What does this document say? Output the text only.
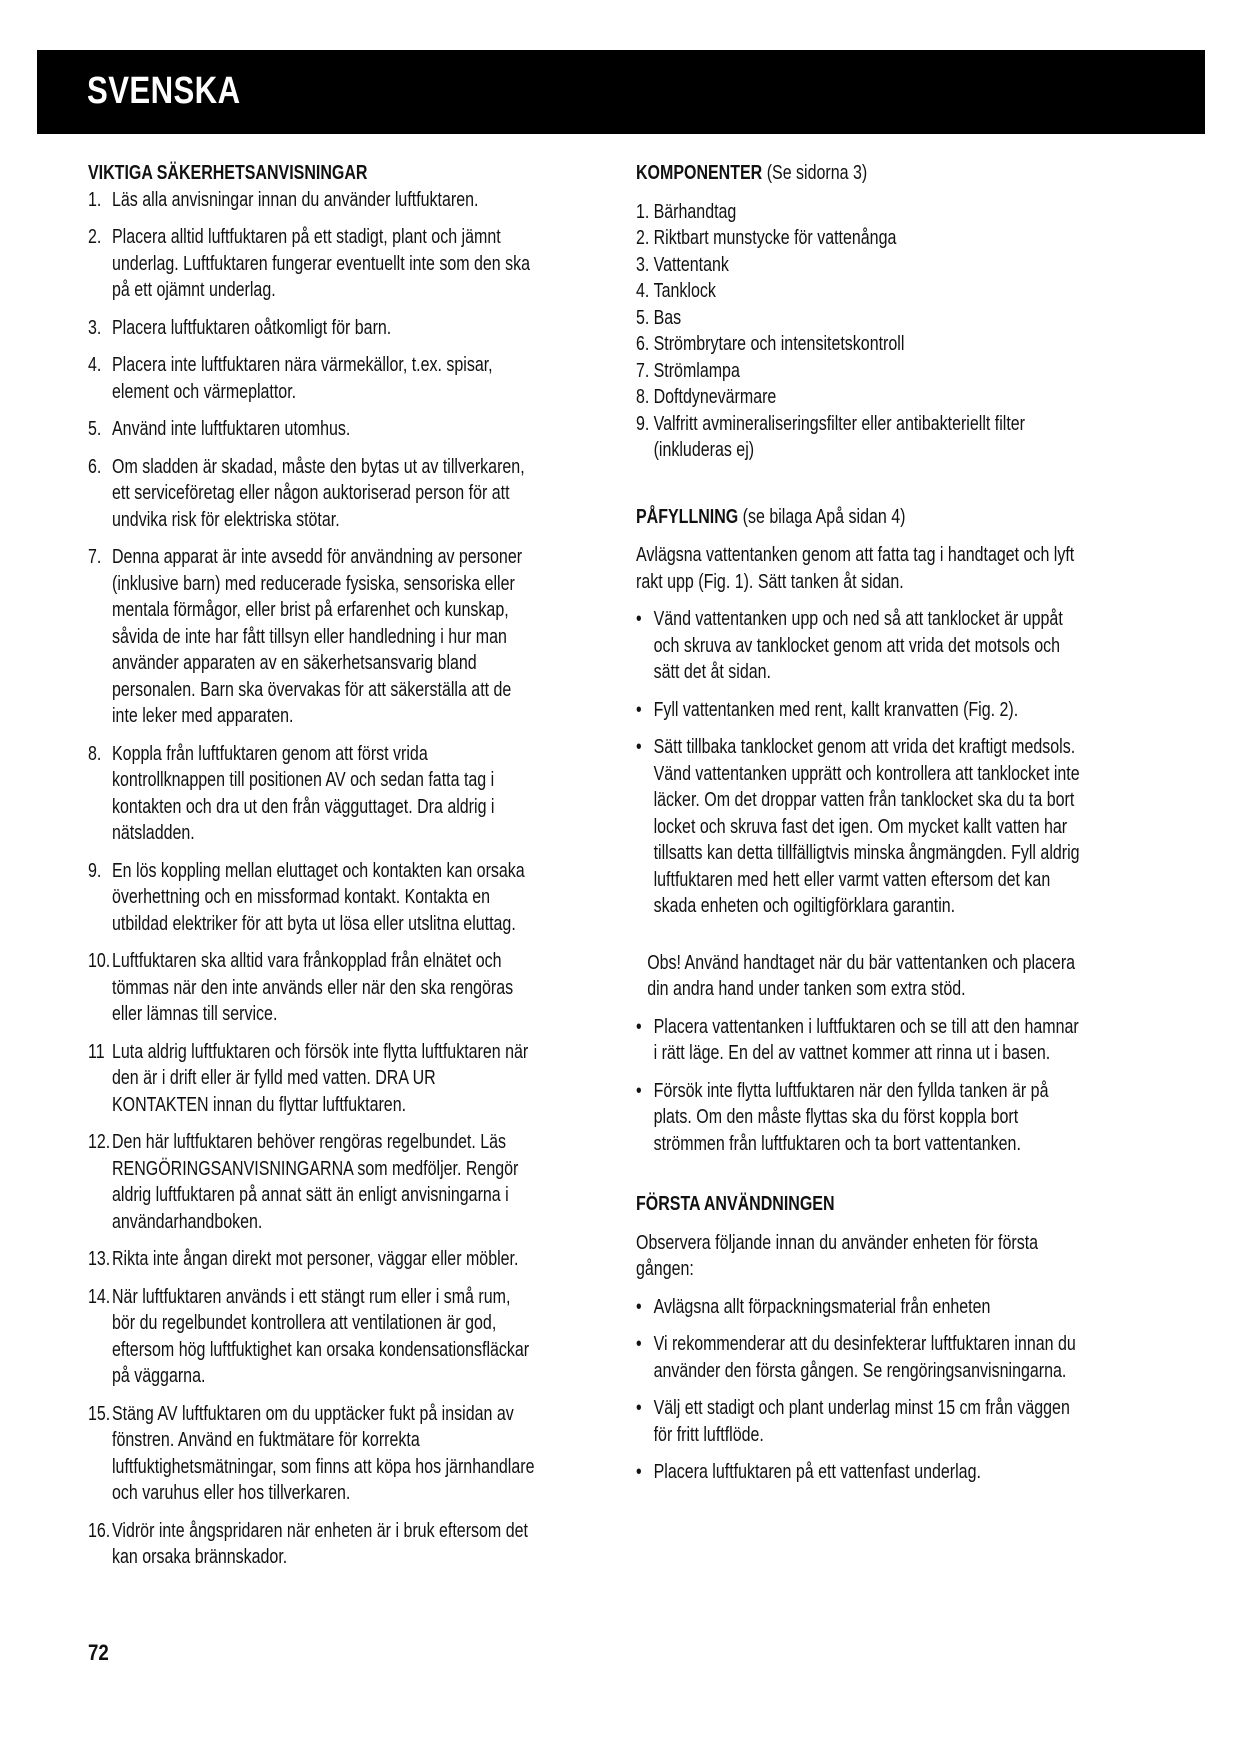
SVENSKA

VIKTIGA SÄKERHETSANVISNINGAR

1. Läs alla anvisningar innan du använder luftfuktaren.
2. Placera alltid luftfuktaren på ett stadigt, plant och jämnt underlag. Luftfuktaren fungerar eventuellt inte som den ska på ett ojämnt underlag.
3. Placera luftfuktaren oåtkomligt för barn.
4. Placera inte luftfuktaren nära värmekällor, t.ex. spisar, element och värmeplattor.
5. Använd inte luftfuktaren utomhus.
6. Om sladden är skadad, måste den bytas ut av tillverkaren, ett serviceföretag eller någon auktoriserad person för att undvika risk för elektriska stötar.
7. Denna apparat är inte avsedd för användning av personer (inklusive barn) med reducerade fysiska, sensoriska eller mentala förmågor, eller brist på erfarenhet och kunskap, såvida de inte har fått tillsyn eller handledning i hur man använder apparaten av en säkerhetsansvarig bland personalen. Barn ska övervakas för att säkerställa att de inte leker med apparaten.
8. Koppla från luftfuktaren genom att först vrida kontrollknappen till positionen AV och sedan fatta tag i kontakten och dra ut den från vägguttaget. Dra aldrig i nätsladden.
9. En lös koppling mellan eluttaget och kontakten kan orsaka överhettning och en missformad kontakt. Kontakta en utbildad elektriker för att byta ut lösa eller utslitna eluttag.
10. Luftfuktaren ska alltid vara frånkopplad från elnätet och tömmas när den inte används eller när den ska rengöras eller lämnas till service.
11 Luta aldrig luftfuktaren och försök inte flytta luftfuktaren när den är i drift eller är fylld med vatten. DRA UR KONTAKTEN innan du flyttar luftfuktaren.
12. Den här luftfuktaren behöver rengöras regelbundet. Läs RENGÖRINGSANVISNINGARNA som medföljer. Rengör aldrig luftfuktaren på annat sätt än enligt anvisningarna i användarhandboken.
13. Rikta inte ångan direkt mot personer, väggar eller möbler.
14. När luftfuktaren används i ett stängt rum eller i små rum, bör du regelbundet kontrollera att ventilationen är god, eftersom hög luftfuktighet kan orsaka kondensationsfläckar på väggarna.
15. Stäng AV luftfuktaren om du upptäcker fukt på insidan av fönstren. Använd en fuktmätare för korrekta luftfuktighetsmätningar, som finns att köpa hos järnhandlare och varuhus eller hos tillverkaren.
16. Vidrör inte ångspridaren när enheten är i bruk eftersom det kan orsaka brännskador.

KOMPONENTER (Se sidorna 3)

1. Bärhandtag
2. Riktbart munstycke för vattenånga
3. Vattentank
4. Tanklock
5. Bas
6. Strömbrytare och intensitetskontroll
7. Strömlampa
8. Doftdynevärmare
9. Valfritt avmineraliseringsfilter eller antibakteriellt filter (inkluderas ej)

PÅFYLLNING (se bilaga Apå sidan 4)

Avlägsna vattentanken genom att fatta tag i handtaget och lyft rakt upp (Fig. 1). Sätt tanken åt sidan.

• Vänd vattentanken upp och ned så att tanklocket är uppåt och skruva av tanklocket genom att vrida det motsols och sätt det åt sidan.
• Fyll vattentanken med rent, kallt kranvatten (Fig. 2).
• Sätt tillbaka tanklocket genom att vrida det kraftigt medsols. Vänd vattentanken upprätt och kontrollera att tanklocket inte läcker. Om det droppar vatten från tanklocket ska du ta bort locket och skruva fast det igen. Om mycket kallt vatten har tillsatts kan detta tillfälligtvis minska ångmängden. Fyll aldrig luftfuktaren med hett eller varmt vatten eftersom det kan skada enheten och ogiltigförklara garantin.

Obs! Använd handtaget när du bär vattentanken och placera din andra hand under tanken som extra stöd.

• Placera vattentanken i luftfuktaren och se till att den hamnar i rätt läge. En del av vattnet kommer att rinna ut i basen.
• Försök inte flytta luftfuktaren när den fyllda tanken är på plats. Om den måste flyttas ska du först koppla bort strömmen från luftfuktaren och ta bort vattentanken.

FÖRSTA ANVÄNDNINGEN

Observera följande innan du använder enheten för första gången:

• Avlägsna allt förpackningsmaterial från enheten
• Vi rekommenderar att du desinfekterar luftfuktaren innan du använder den första gången. Se rengöringsanvisningarna.
• Välj ett stadigt och plant underlag minst 15 cm från väggen för fritt luftflöde.
• Placera luftfuktaren på ett vattenfast underlag.

72
